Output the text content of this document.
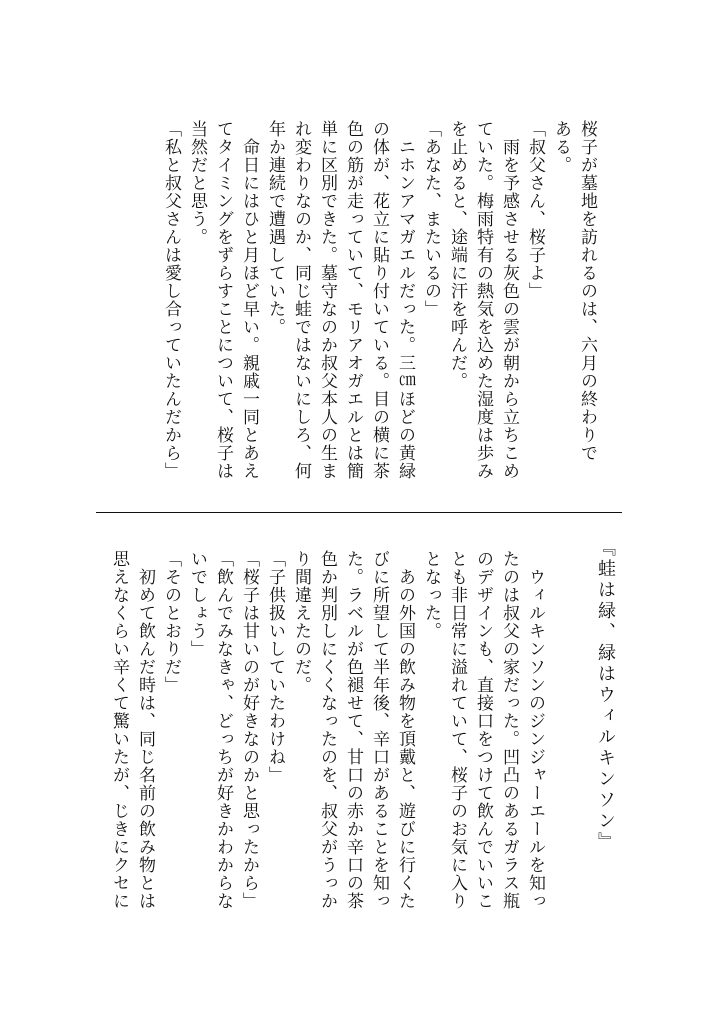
桜子が墓地を訪れるのは、六月の終わりで
ある。
「叔父さん、桜子よ」
　雨を予感させる灰色の雲が朝から立ちこめ
ていた。梅雨特有の熱気を込めた湿度は歩み
を止めると、途端に汗を呼んだ。
「あなた、またいるの」
　ニホンアマガエルだった。三㎝ほどの黄緑
の体が、花立に貼り付いている。目の横に茶
色の筋が走っていて、モリアオガエルとは簡
単に区別できた。墓守なのか叔父本人の生ま
れ変わりなのか、同じ蛙ではないにしろ、何
年か連続で遭遇していた。
　命日にはひと月ほど早い。親戚一同とあえ
てタイミングをずらすことについて、桜子は
当然だと思う。
「私と叔父さんは愛し合っていたんだから」
『蛙は緑、緑はウィルキンソン』
　ウィルキンソンのジンジャーエールを知っ
たのは叔父の家だった。凹凸のあるガラス瓶
のデザインも、直接口をつけて飲んでいいこ
とも非日常に溢れていて、桜子のお気に入り
となった。
　あの外国の飲み物を頂戴と、遊びに行くた
びに所望して半年後、辛口があることを知っ
た。ラベルが色褪せて、甘口の赤か辛口の茶
色か判別しにくくなったのを、叔父がうっか
り間違えたのだ。
「子供扱いしていたわけね」
「桜子は甘いのが好きなのかと思ったから」
「飲んでみなきゃ、どっちが好きかわからな
いでしょう」
「そのとおりだ」
　初めて飲んだ時は、同じ名前の飲み物とは
思えなくらい辛くて驚いたが、じきにクセに
